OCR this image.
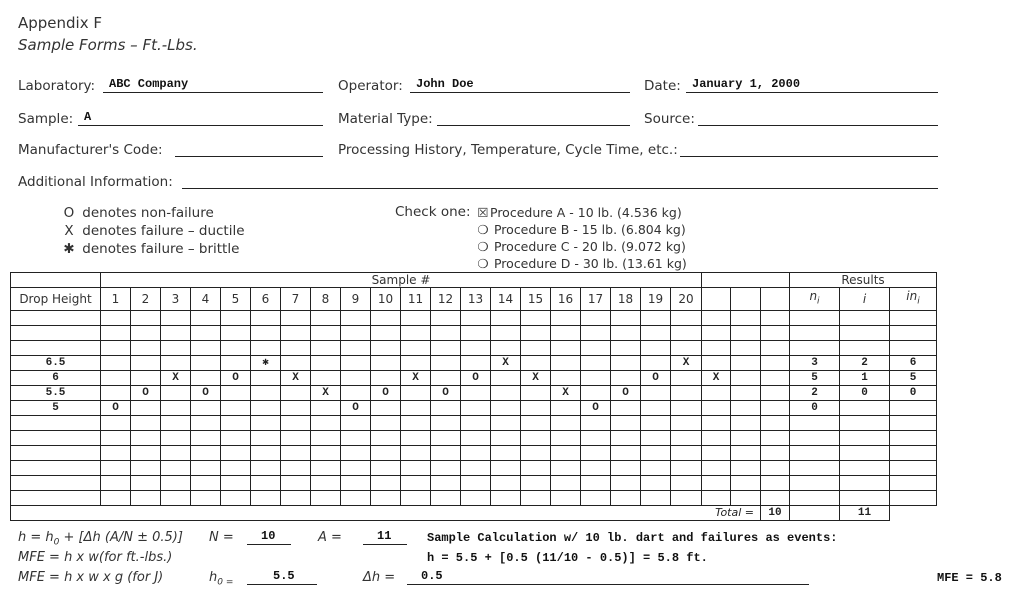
Appendix F
Sample Forms – Ft.-Lbs.
Laboratory: ABC Company	Operator: John Doe	Date: January 1, 2000
Sample: A	Material Type:	Source:
Manufacturer's Code:	Processing History, Temperature, Cycle Time, etc.:
Additional Information:
O denotes non-failure
X denotes failure – ductile
✱ denotes failure – brittle
Check one: ☒Procedure A - 10 lb. (4.536 kg)
❍ Procedure B - 15 lb. (6.804 kg)
❍ Procedure C - 20 lb. (9.072 kg)
❍ Procedure D - 30 lb. (13.61 kg)
	Sample #																							Results		
Drop Height	1	2	3	4	5	6	7	8	9	10	11	12	13	14	15	16	17	18	19	20				$n_i$	i	$in_i$

6.5						✱								X						X				3	2	6
6			X		O		X				X		O		X				O		X			5	1	5
5.5		O		O				X		O		O				X		O						2	0	0
5	O								O								O							0		

Total =																							10		11	
$h = h_0 + [\Delta h$ (A/N ± 0.5)]
MFE = h x w(for ft.-lbs.)
MFE = h x w x g (for J)
N = 10	A =	11
$h_{0 =}$	5.5	Δh = 0.5
Sample Calculation w/ 10 lb. dart and failures as events:
h = 5.5 + [0.5 (11/10 - 0.5)] = 5.8 ft.
MFE = 5.8
